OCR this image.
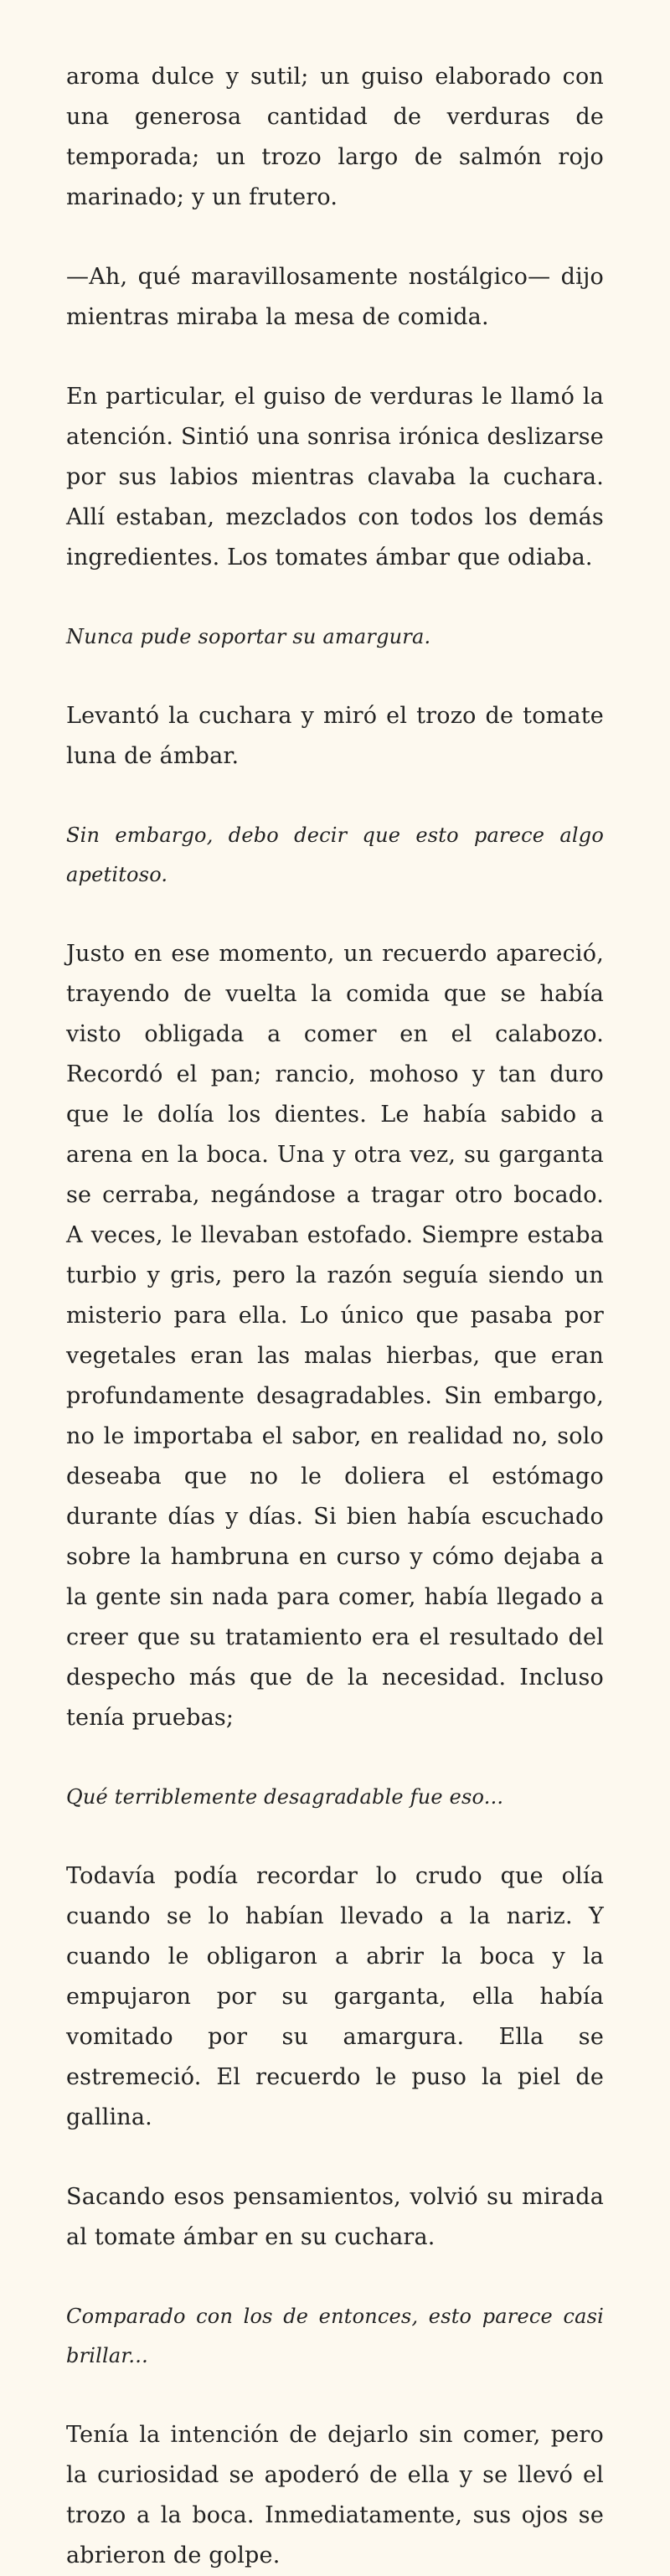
aroma dulce y sutil; un guiso elaborado con una generosa cantidad de verduras de temporada; un trozo largo de salmón rojo marinado; y un frutero.

—Ah, qué maravillosamente nostálgico— dijo mientras miraba la mesa de comida.

En particular, el guiso de verduras le llamó la atención. Sintió una sonrisa irónica deslizarse por sus labios mientras clavaba la cuchara. Allí estaban, mezclados con todos los demás ingredientes. Los tomates ámbar que odiaba.

Nunca pude soportar su amargura.

Levantó la cuchara y miró el trozo de tomate luna de ámbar.

Sin embargo, debo decir que esto parece algo apetitoso.

Justo en ese momento, un recuerdo apareció, trayendo de vuelta la comida que se había visto obligada a comer en el calabozo. Recordó el pan; rancio, mohoso y tan duro que le dolía los dientes. Le había sabido a arena en la boca. Una y otra vez, su garganta se cerraba, negándose a tragar otro bocado. A veces, le llevaban estofado. Siempre estaba turbio y gris, pero la razón seguía siendo un misterio para ella. Lo único que pasaba por vegetales eran las malas hierbas, que eran profundamente desagradables. Sin embargo, no le importaba el sabor, en realidad no, solo deseaba que no le doliera el estómago durante días y días. Si bien había escuchado sobre la hambruna en curso y cómo dejaba a la gente sin nada para comer, había llegado a creer que su tratamiento era el resultado del despecho más que de la necesidad. Incluso tenía pruebas;

Qué terriblemente desagradable fue eso...

Todavía podía recordar lo crudo que olía cuando se lo habían llevado a la nariz. Y cuando le obligaron a abrir la boca y la empujaron por su garganta, ella había vomitado por su amargura. Ella se estremeció. El recuerdo le puso la piel de gallina.

Sacando esos pensamientos, volvió su mirada al tomate ámbar en su cuchara.

Comparado con los de entonces, esto parece casi brillar...

Tenía la intención de dejarlo sin comer, pero la curiosidad se apoderó de ella y se llevó el trozo a la boca. Inmediatamente, sus ojos se abrieron de golpe.
